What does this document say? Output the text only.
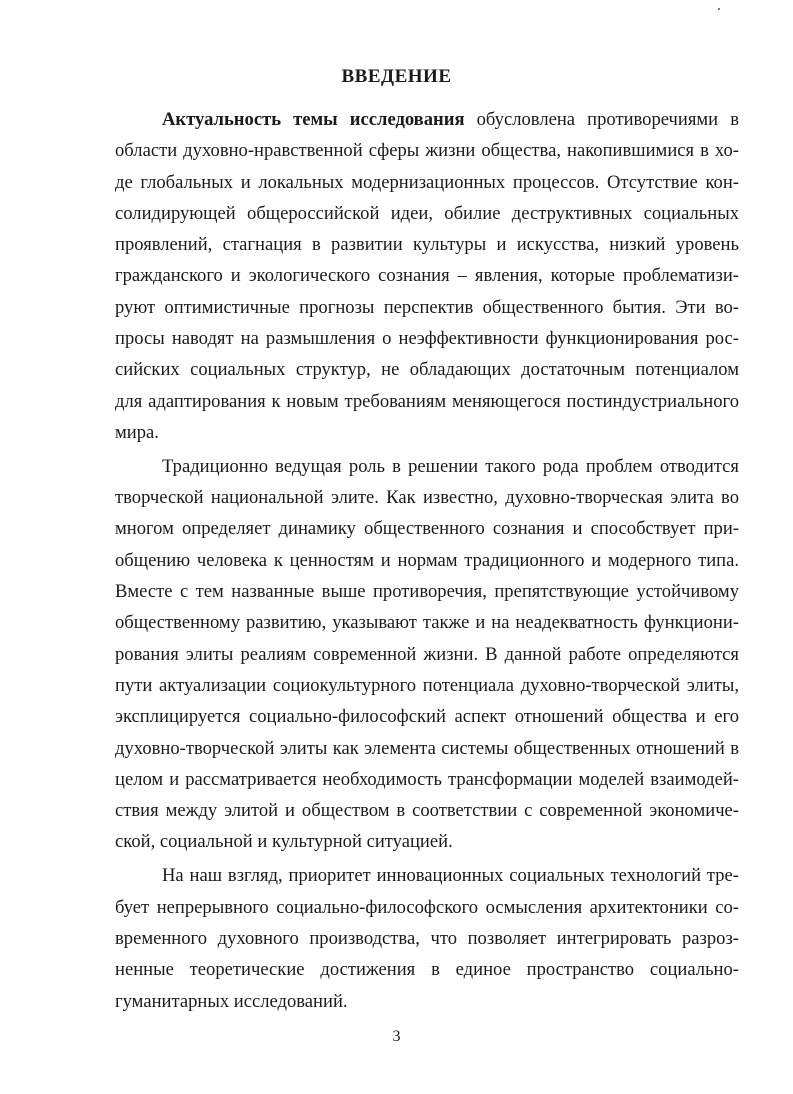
ВВЕДЕНИЕ

Актуальность темы исследования обусловлена противоречиями в
области духовно-нравственной сферы жизни общества, накопившимися в хо-
де глобальных и локальных модернизационных процессов. Отсутствие кон-
солидирующей общероссийской идеи, обилие деструктивных социальных
проявлений, стагнация в развитии культуры и искусства, низкий уровень
гражданского и экологического сознания – явления, которые проблематизи-
руют оптимистичные прогнозы перспектив общественного бытия. Эти во-
просы наводят на размышления о неэффективности функционирования рос-
сийских социальных структур, не обладающих достаточным потенциалом
для адаптирования к новым требованиям меняющегося постиндустриального
мира.

Традиционно ведущая роль в решении такого рода проблем отводится
творческой национальной элите. Как известно, духовно-творческая элита во
многом определяет динамику общественного сознания и способствует при-
общению человека к ценностям и нормам традиционного и модерного типа.
Вместе с тем названные выше противоречия, препятствующие устойчивому
общественному развитию, указывают также и на неадекватность функциони-
рования элиты реалиям современной жизни. В данной работе определяются
пути актуализации социокультурного потенциала духовно-творческой элиты,
эксплицируется социально-философский аспект отношений общества и его
духовно-творческой элиты как элемента системы общественных отношений в
целом и рассматривается необходимость трансформации моделей взаимодей-
ствия между элитой и обществом в соответствии с современной экономиче-
ской, социальной и культурной ситуацией.

На наш взгляд, приоритет инновационных социальных технологий тре-
бует непрерывного социально-философского осмысления архитектоники со-
временного духовного производства, что позволяет интегрировать разроз-
ненные теоретические достижения в единое пространство социально-
гуманитарных исследований.

3
